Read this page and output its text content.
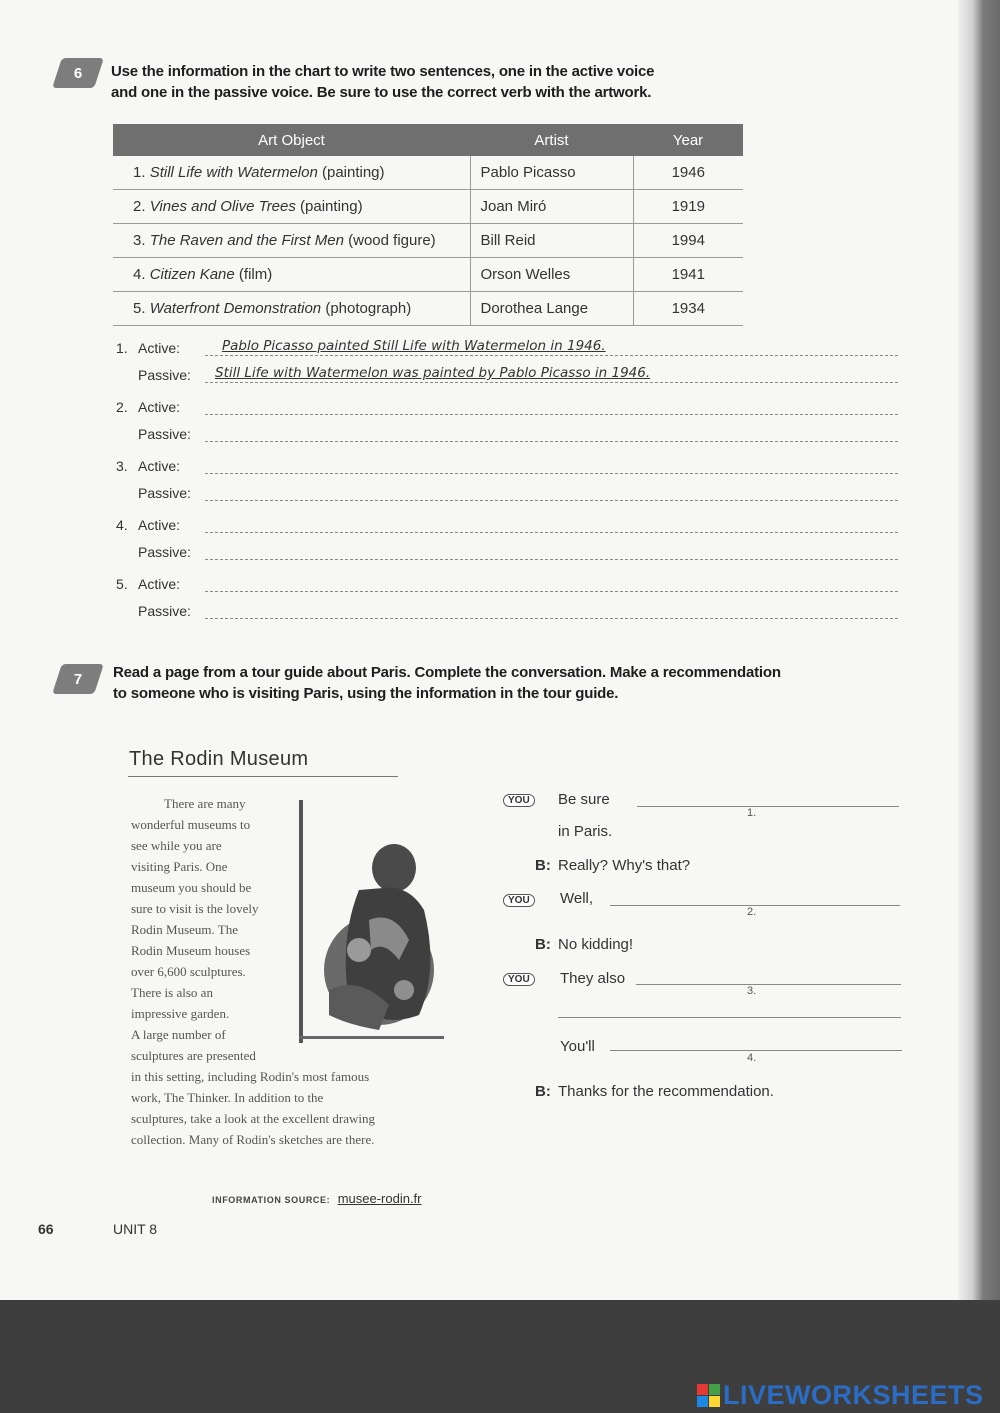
6 Use the information in the chart to write two sentences, one in the active voice
and one in the passive voice. Be sure to use the correct verb with the artwork.
Art Object	Artist	Year
1. Still Life with Watermelon (painting)	Pablo Picasso	1946
2. Vines and Olive Trees (painting)	Joan Miró	1919
3. The Raven and the First Men (wood figure)	Bill Reid	1994
4. Citizen Kane (film)	Orson Welles	1941
5. Waterfront Demonstration (photograph)	Dorothea Lange	1934
1. Active:	Pablo Picasso painted Still Life with Watermelon in 1946.
Passive: Still Life with Watermelon was painted by Pablo Picasso in 1946.
2. Active:
Passive:
3. Active:
Passive:
4. Active:
Passive:
5. Active:
Passive:
7 Read a page from a tour guide about Paris. Complete the conversation. Make a recommendation
to someone who is visiting Paris, using the information in the tour guide.
The Rodin Museum
There are many
wonderful museums to
see while you are
visiting Paris. One
museum you should be
sure to visit is the lovely
Rodin Museum. The
Rodin Museum houses
over 6,600 sculptures.
There is also an
impressive garden.
A large number of
sculptures are presented
in this setting, including Rodin's most famous
work, The Thinker. In addition to the
sculptures, take a look at the excellent drawing
collection. Many of Rodin's sketches are there.
INFORMATION SOURCE: musee-rodin.fr
YOU	Be sure
1.
in Paris.
B: Really? Why's that?
YOU	Well,
2.
B: No kidding!
YOU	They also
3.
You'll
4.
B: Thanks for the recommendation.
66	UNIT 8
LIVEWORKSHEETS
